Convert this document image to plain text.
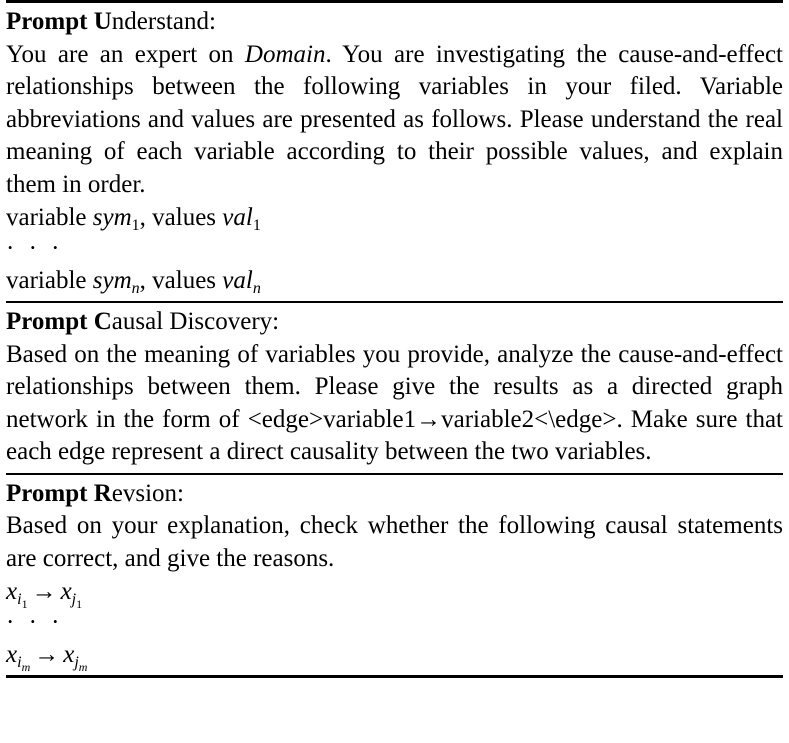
Prompt Understand:
You are an expert on Domain. You are investigating the cause-and-effect relationships between the following variables in your filed. Variable abbreviations and values are presented as follows. Please understand the real meaning of each variable according to their possible values, and explain them in order.
variable sym$_1$, values val$_1$
· · ·
variable sym$_n$, values val$_n$
Prompt Causal Discovery:
Based on the meaning of variables you provide, analyze the cause-and-effect relationships between them. Please give the results as a directed graph network in the form of <edge>variable1→variable2<\edge>. Make sure that each edge represent a direct causality between the two variables.
Prompt Revsion:
Based on your explanation, check whether the following causal statements are correct, and give the reasons.
$x_{i_1} \to x_{j_1}$
· · ·
$x_{i_m} \to x_{j_m}$
